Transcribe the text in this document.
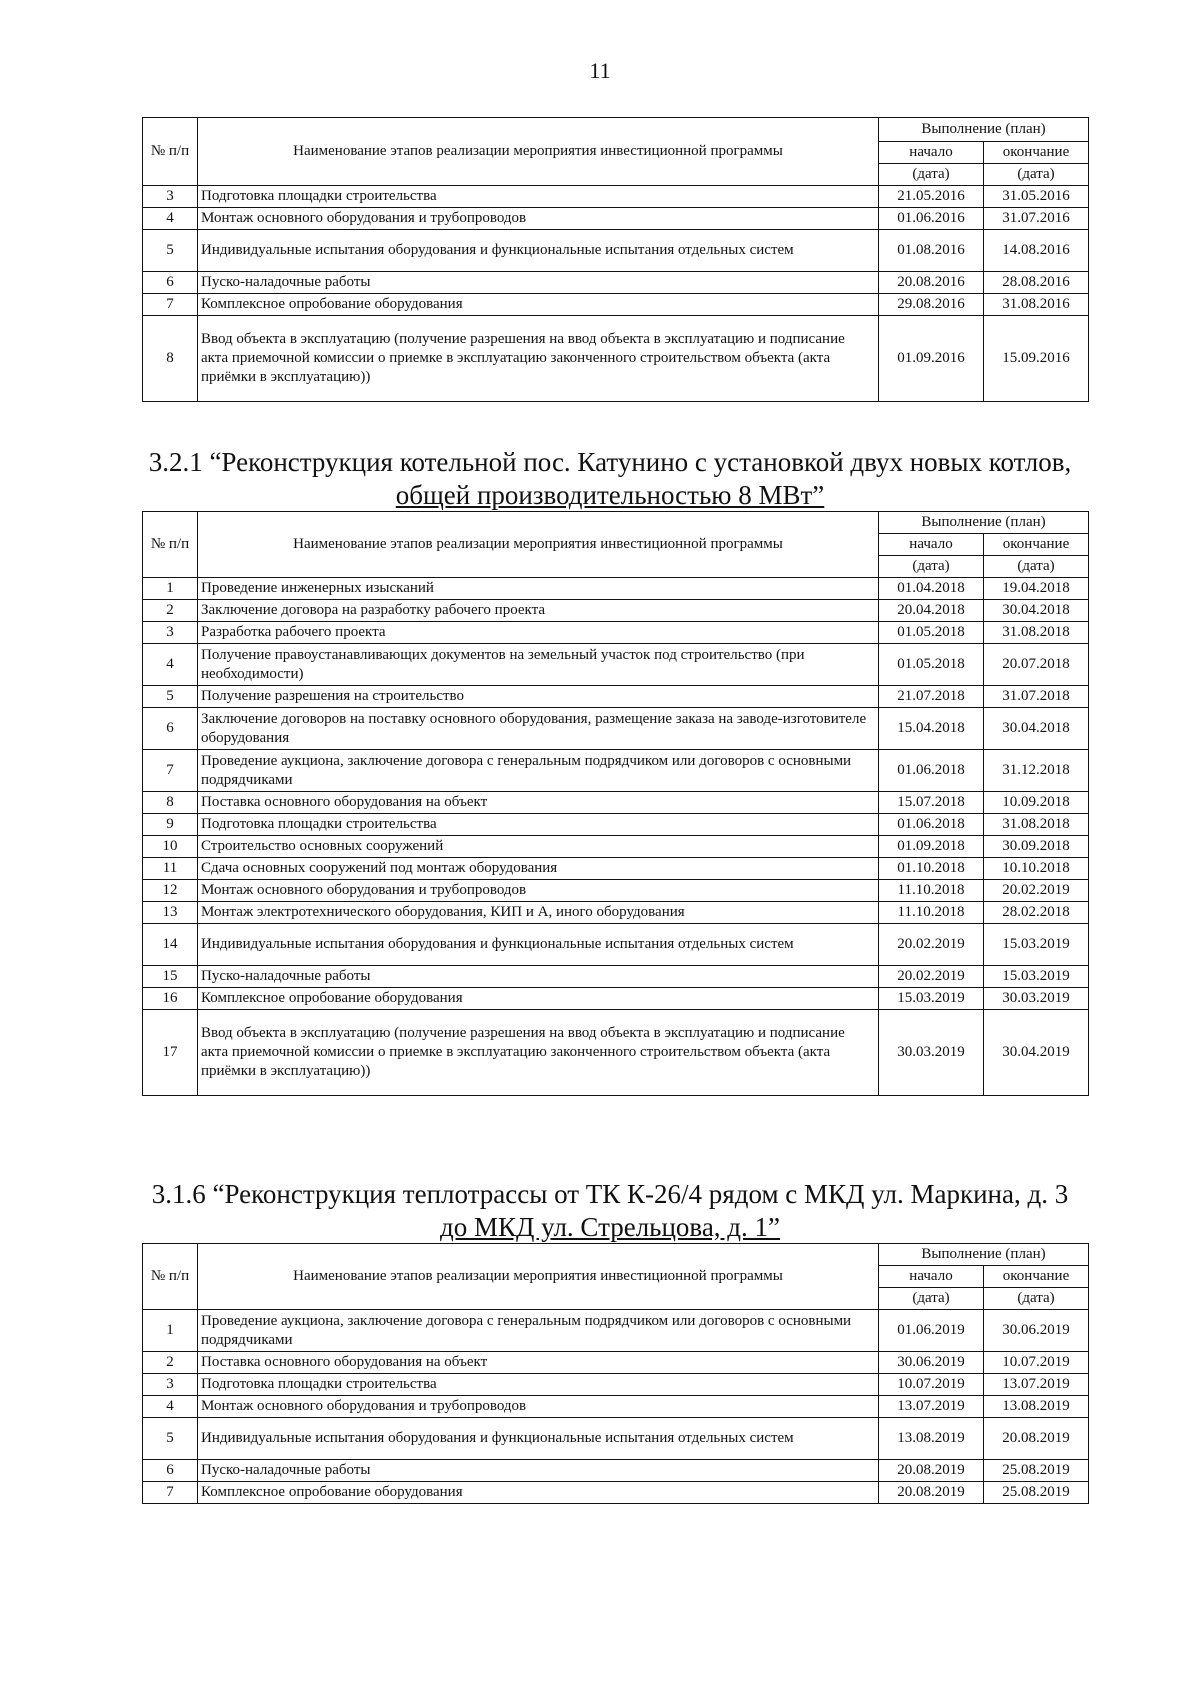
11
№ п/п	Наименование этапов реализации мероприятия инвестиционной программы	Выполнение (план)	
		начало	окончание
		(дата)	(дата)
3	Подготовка площадки строительства	21.05.2016	31.05.2016
4	Монтаж основного оборудования и трубопроводов	01.06.2016	31.07.2016
5	Индивидуальные испытания оборудования и функциональные испытания отдельных систем	01.08.2016	14.08.2016
6	Пуско-наладочные работы	20.08.2016	28.08.2016
7	Комплексное опробование оборудования	29.08.2016	31.08.2016
8	Ввод объекта в эксплуатацию (получение разрешения на ввод объекта в эксплуатацию и подписание акта приемочной комиссии о приемке в эксплуатацию законченного строительством объекта (акта приёмки в эксплуатацию))	01.09.2016	15.09.2016
3.2.1 “Реконструкция котельной пос. Катунино с установкой двух новых котлов,
общей производительностью 8 МВт”
№ п/п	Наименование этапов реализации мероприятия инвестиционной программы	Выполнение (план)	
		начало	окончание
		(дата)	(дата)
1	Проведение инженерных изысканий	01.04.2018	19.04.2018
2	Заключение договора на разработку рабочего проекта	20.04.2018	30.04.2018
3	Разработка рабочего проекта	01.05.2018	31.08.2018
4	Получение правоустанавливающих документов на земельный участок под строительство (при необходимости)	01.05.2018	20.07.2018
5	Получение разрешения на строительство	21.07.2018	31.07.2018
6	Заключение договоров на поставку основного оборудования, размещение заказа на заводе-изготовителе оборудования	15.04.2018	30.04.2018
7	Проведение аукциона, заключение договора с генеральным подрядчиком или договоров с основными подрядчиками	01.06.2018	31.12.2018
8	Поставка основного оборудования на объект	15.07.2018	10.09.2018
9	Подготовка площадки строительства	01.06.2018	31.08.2018
10	Строительство основных сооружений	01.09.2018	30.09.2018
11	Сдача основных сооружений под монтаж оборудования	01.10.2018	10.10.2018
12	Монтаж основного оборудования и трубопроводов	11.10.2018	20.02.2019
13	Монтаж электротехнического оборудования, КИП и А, иного оборудования	11.10.2018	28.02.2018
14	Индивидуальные испытания оборудования и функциональные испытания отдельных систем	20.02.2019	15.03.2019
15	Пуско-наладочные работы	20.02.2019	15.03.2019
16	Комплексное опробование оборудования	15.03.2019	30.03.2019
17	Ввод объекта в эксплуатацию (получение разрешения на ввод объекта в эксплуатацию и подписание акта приемочной комиссии о приемке в эксплуатацию законченного строительством объекта (акта приёмки в эксплуатацию))	30.03.2019	30.04.2019
3.1.6 “Реконструкция теплотрассы от ТК К-26/4 рядом с МКД ул. Маркина, д. 3
до МКД ул. Стрельцова, д. 1”
№ п/п	Наименование этапов реализации мероприятия инвестиционной программы	Выполнение (план)	
		начало	окончание
		(дата)	(дата)
1	Проведение аукциона, заключение договора с генеральным подрядчиком или договоров с основными подрядчиками	01.06.2019	30.06.2019
2	Поставка основного оборудования на объект	30.06.2019	10.07.2019
3	Подготовка площадки строительства	10.07.2019	13.07.2019
4	Монтаж основного оборудования и трубопроводов	13.07.2019	13.08.2019
5	Индивидуальные испытания оборудования и функциональные испытания отдельных систем	13.08.2019	20.08.2019
6	Пуско-наладочные работы	20.08.2019	25.08.2019
7	Комплексное опробование оборудования	20.08.2019	25.08.2019
